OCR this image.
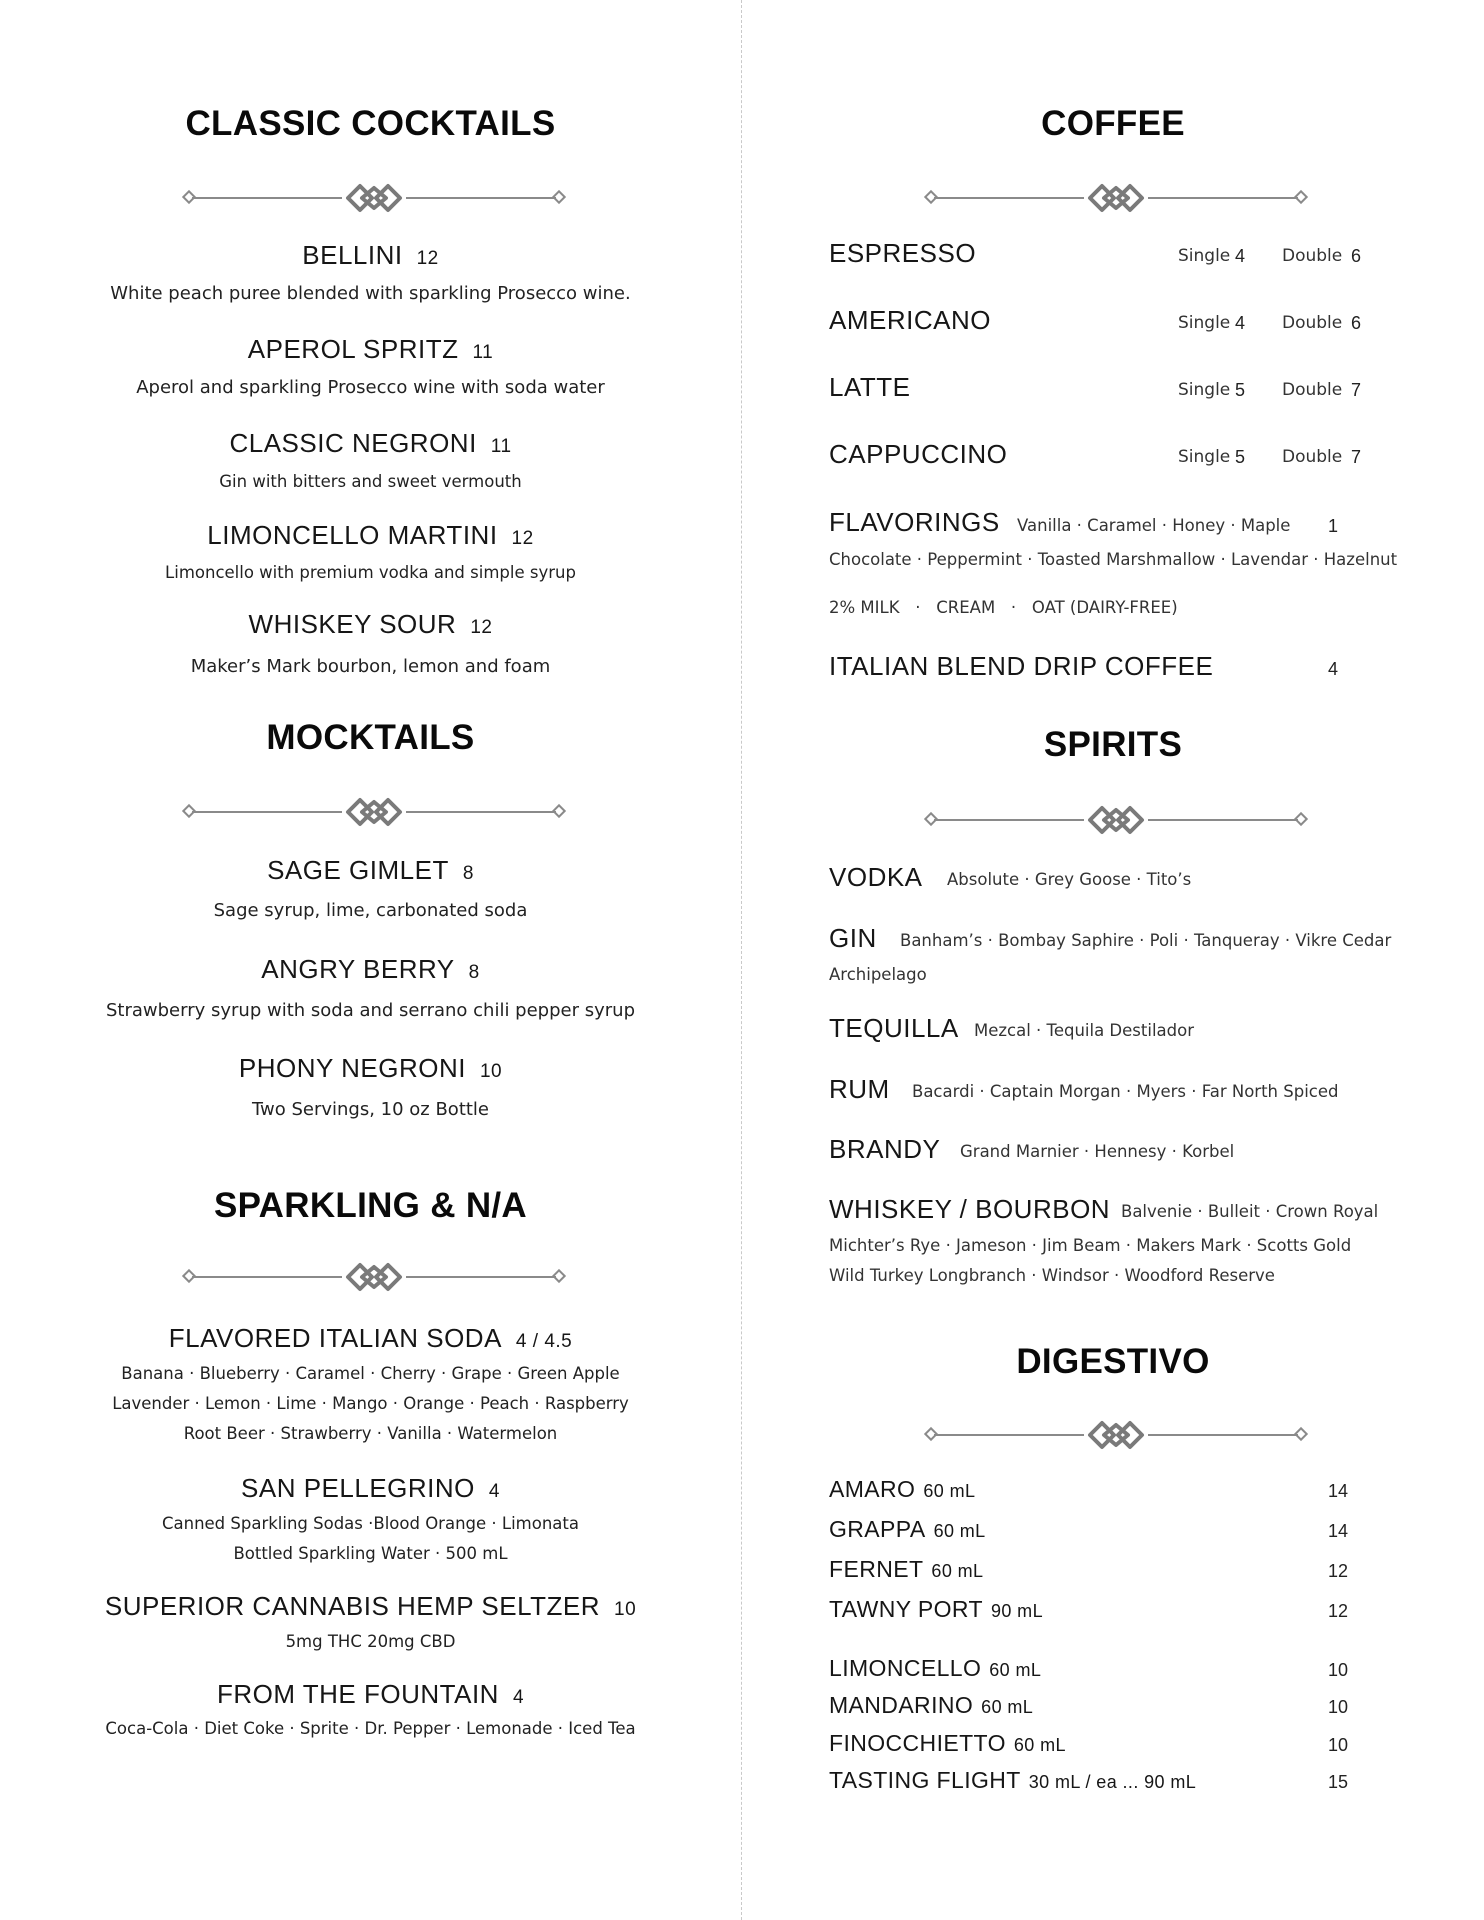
CLASSIC COCKTAILS
BELLINI 12
White peach puree blended with sparkling Prosecco wine.
APEROL SPRITZ 11
Aperol and sparkling Prosecco wine with soda water
CLASSIC NEGRONI 11
Gin with bitters and sweet vermouth
LIMONCELLO MARTINI 12
Limoncello with premium vodka and simple syrup
WHISKEY SOUR 12
Maker’s Mark bourbon, lemon and foam
MOCKTAILS
SAGE GIMLET 8
Sage syrup, lime, carbonated soda
ANGRY BERRY 8
Strawberry syrup with soda and serrano chili pepper syrup
PHONY NEGRONI 10
Two Servings, 10 oz Bottle
SPARKLING & N/A
FLAVORED ITALIAN SODA 4 / 4.5
Banana · Blueberry · Caramel · Cherry · Grape · Green Apple
Lavender · Lemon · Lime · Mango · Orange · Peach · Raspberry
Root Beer · Strawberry · Vanilla · Watermelon
SAN PELLEGRINO 4
Canned Sparkling Sodas ·Blood Orange · Limonata
Bottled Sparkling Water · 500 mL
SUPERIOR CANNABIS HEMP SELTZER 10
5mg THC 20mg CBD
FROM THE FOUNTAIN 4
Coca-Cola · Diet Coke · Sprite · Dr. Pepper · Lemonade · Iced Tea
COFFEE
ESPRESSO	Single 4 Double 6
AMERICANO	Single 4 Double 6
LATTE	Single 5 Double 7
CAPPUCCINO	Single 5 Double 7
FLAVORINGS Vanilla · Caramel · Honey · Maple 1
Chocolate · Peppermint · Toasted Marshmallow · Lavendar · Hazelnut
2% MILK   ·   CREAM   ·   OAT (DAIRY-FREE)
ITALIAN BLEND DRIP COFFEE	4
SPIRITS
VODKA Absolute · Grey Goose · Tito’s
GIN Banham’s · Bombay Saphire · Poli · Tanqueray · Vikre Cedar
Archipelago
TEQUILLA Mezcal · Tequila Destilador
RUM Bacardi · Captain Morgan · Myers · Far North Spiced
BRANDY Grand Marnier · Hennesy · Korbel
WHISKEY / BOURBON Balvenie · Bulleit · Crown Royal
Michter’s Rye · Jameson · Jim Beam · Makers Mark · Scotts Gold
Wild Turkey Longbranch · Windsor · Woodford Reserve
DIGESTIVO
AMARO 60 mL	14
GRAPPA 60 mL	14
FERNET 60 mL	12
TAWNY PORT 90 mL	12
LIMONCELLO 60 mL	10
MANDARINO 60 mL	10
FINOCCHIETTO 60 mL	10
TASTING FLIGHT 30 mL / ea ... 90 mL	15
